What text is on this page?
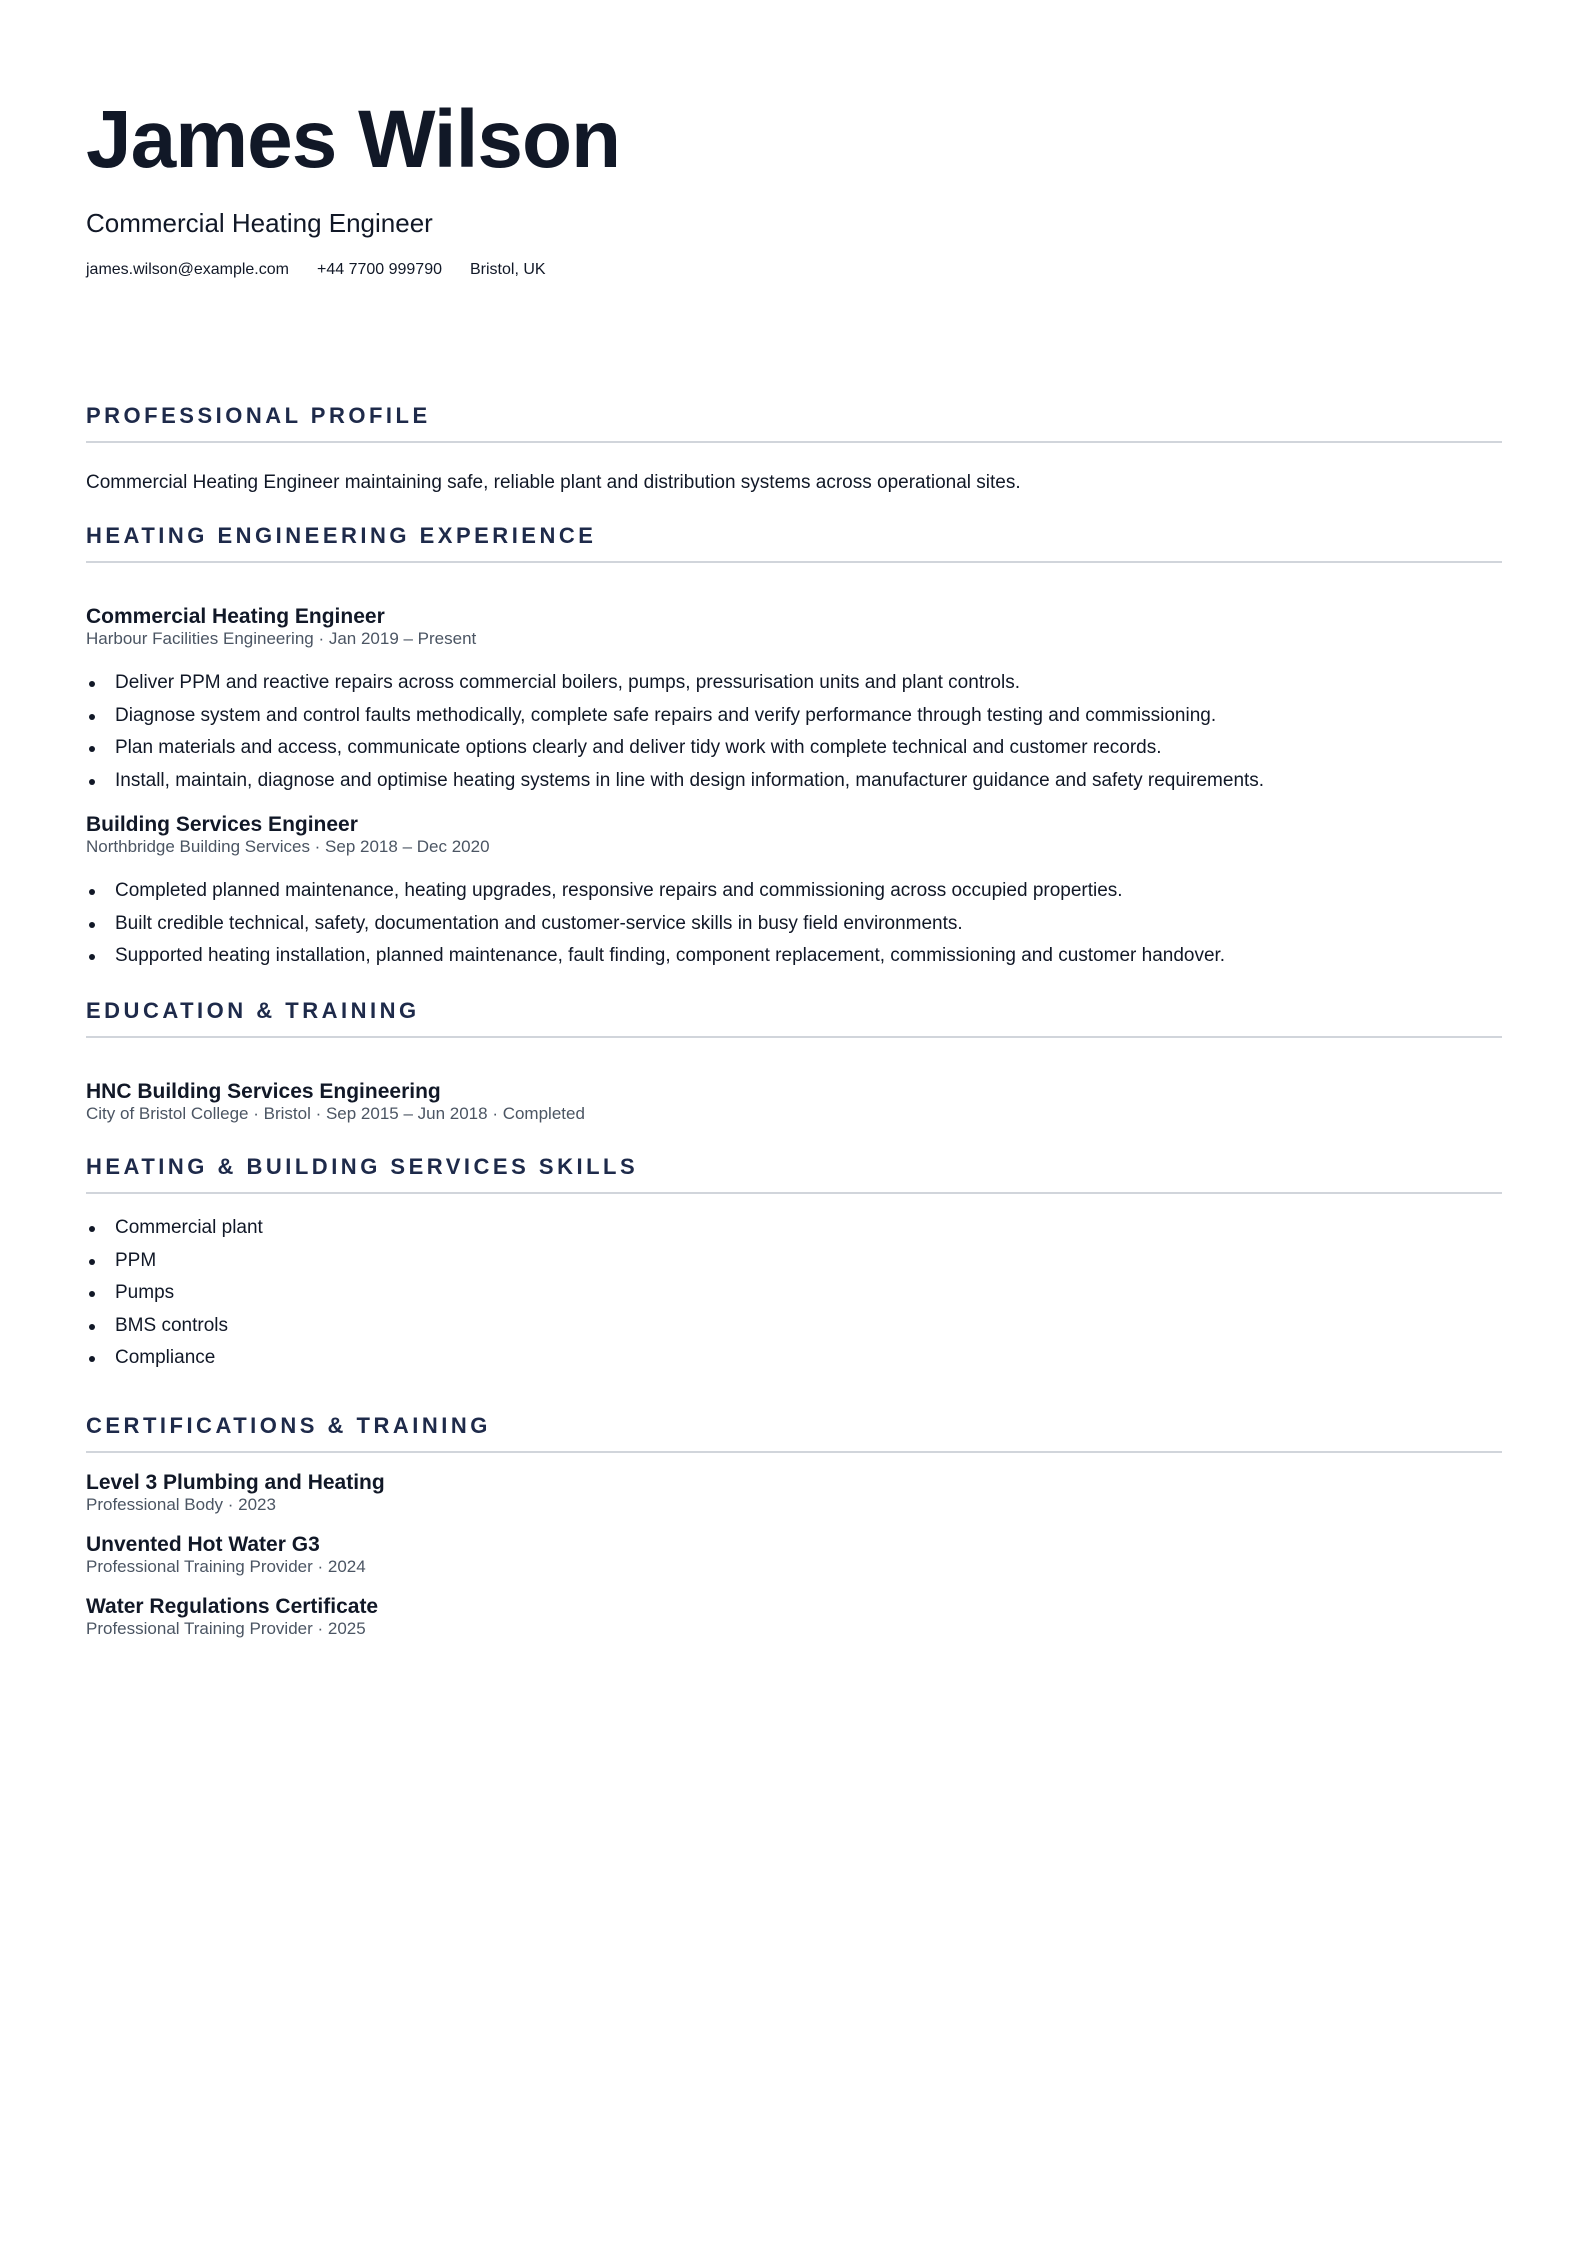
James Wilson
Commercial Heating Engineer
james.wilson@example.com +44 7700 999790 Bristol, UK
PROFESSIONAL PROFILE
Commercial Heating Engineer maintaining safe, reliable plant and distribution systems across operational sites.
HEATING ENGINEERING EXPERIENCE
Commercial Heating Engineer
Harbour Facilities Engineering · Jan 2019 – Present
Deliver PPM and reactive repairs across commercial boilers, pumps, pressurisation units and plant controls.
Diagnose system and control faults methodically, complete safe repairs and verify performance through testing and commissioning.
Plan materials and access, communicate options clearly and deliver tidy work with complete technical and customer records.
Install, maintain, diagnose and optimise heating systems in line with design information, manufacturer guidance and safety requirements.
Building Services Engineer
Northbridge Building Services · Sep 2018 – Dec 2020
Completed planned maintenance, heating upgrades, responsive repairs and commissioning across occupied properties.
Built credible technical, safety, documentation and customer-service skills in busy field environments.
Supported heating installation, planned maintenance, fault finding, component replacement, commissioning and customer handover.
EDUCATION & TRAINING
HNC Building Services Engineering
City of Bristol College · Bristol · Sep 2015 – Jun 2018 · Completed
HEATING & BUILDING SERVICES SKILLS
Commercial plant
PPM
Pumps
BMS controls
Compliance
CERTIFICATIONS & TRAINING
Level 3 Plumbing and Heating
Professional Body · 2023
Unvented Hot Water G3
Professional Training Provider · 2024
Water Regulations Certificate
Professional Training Provider · 2025
